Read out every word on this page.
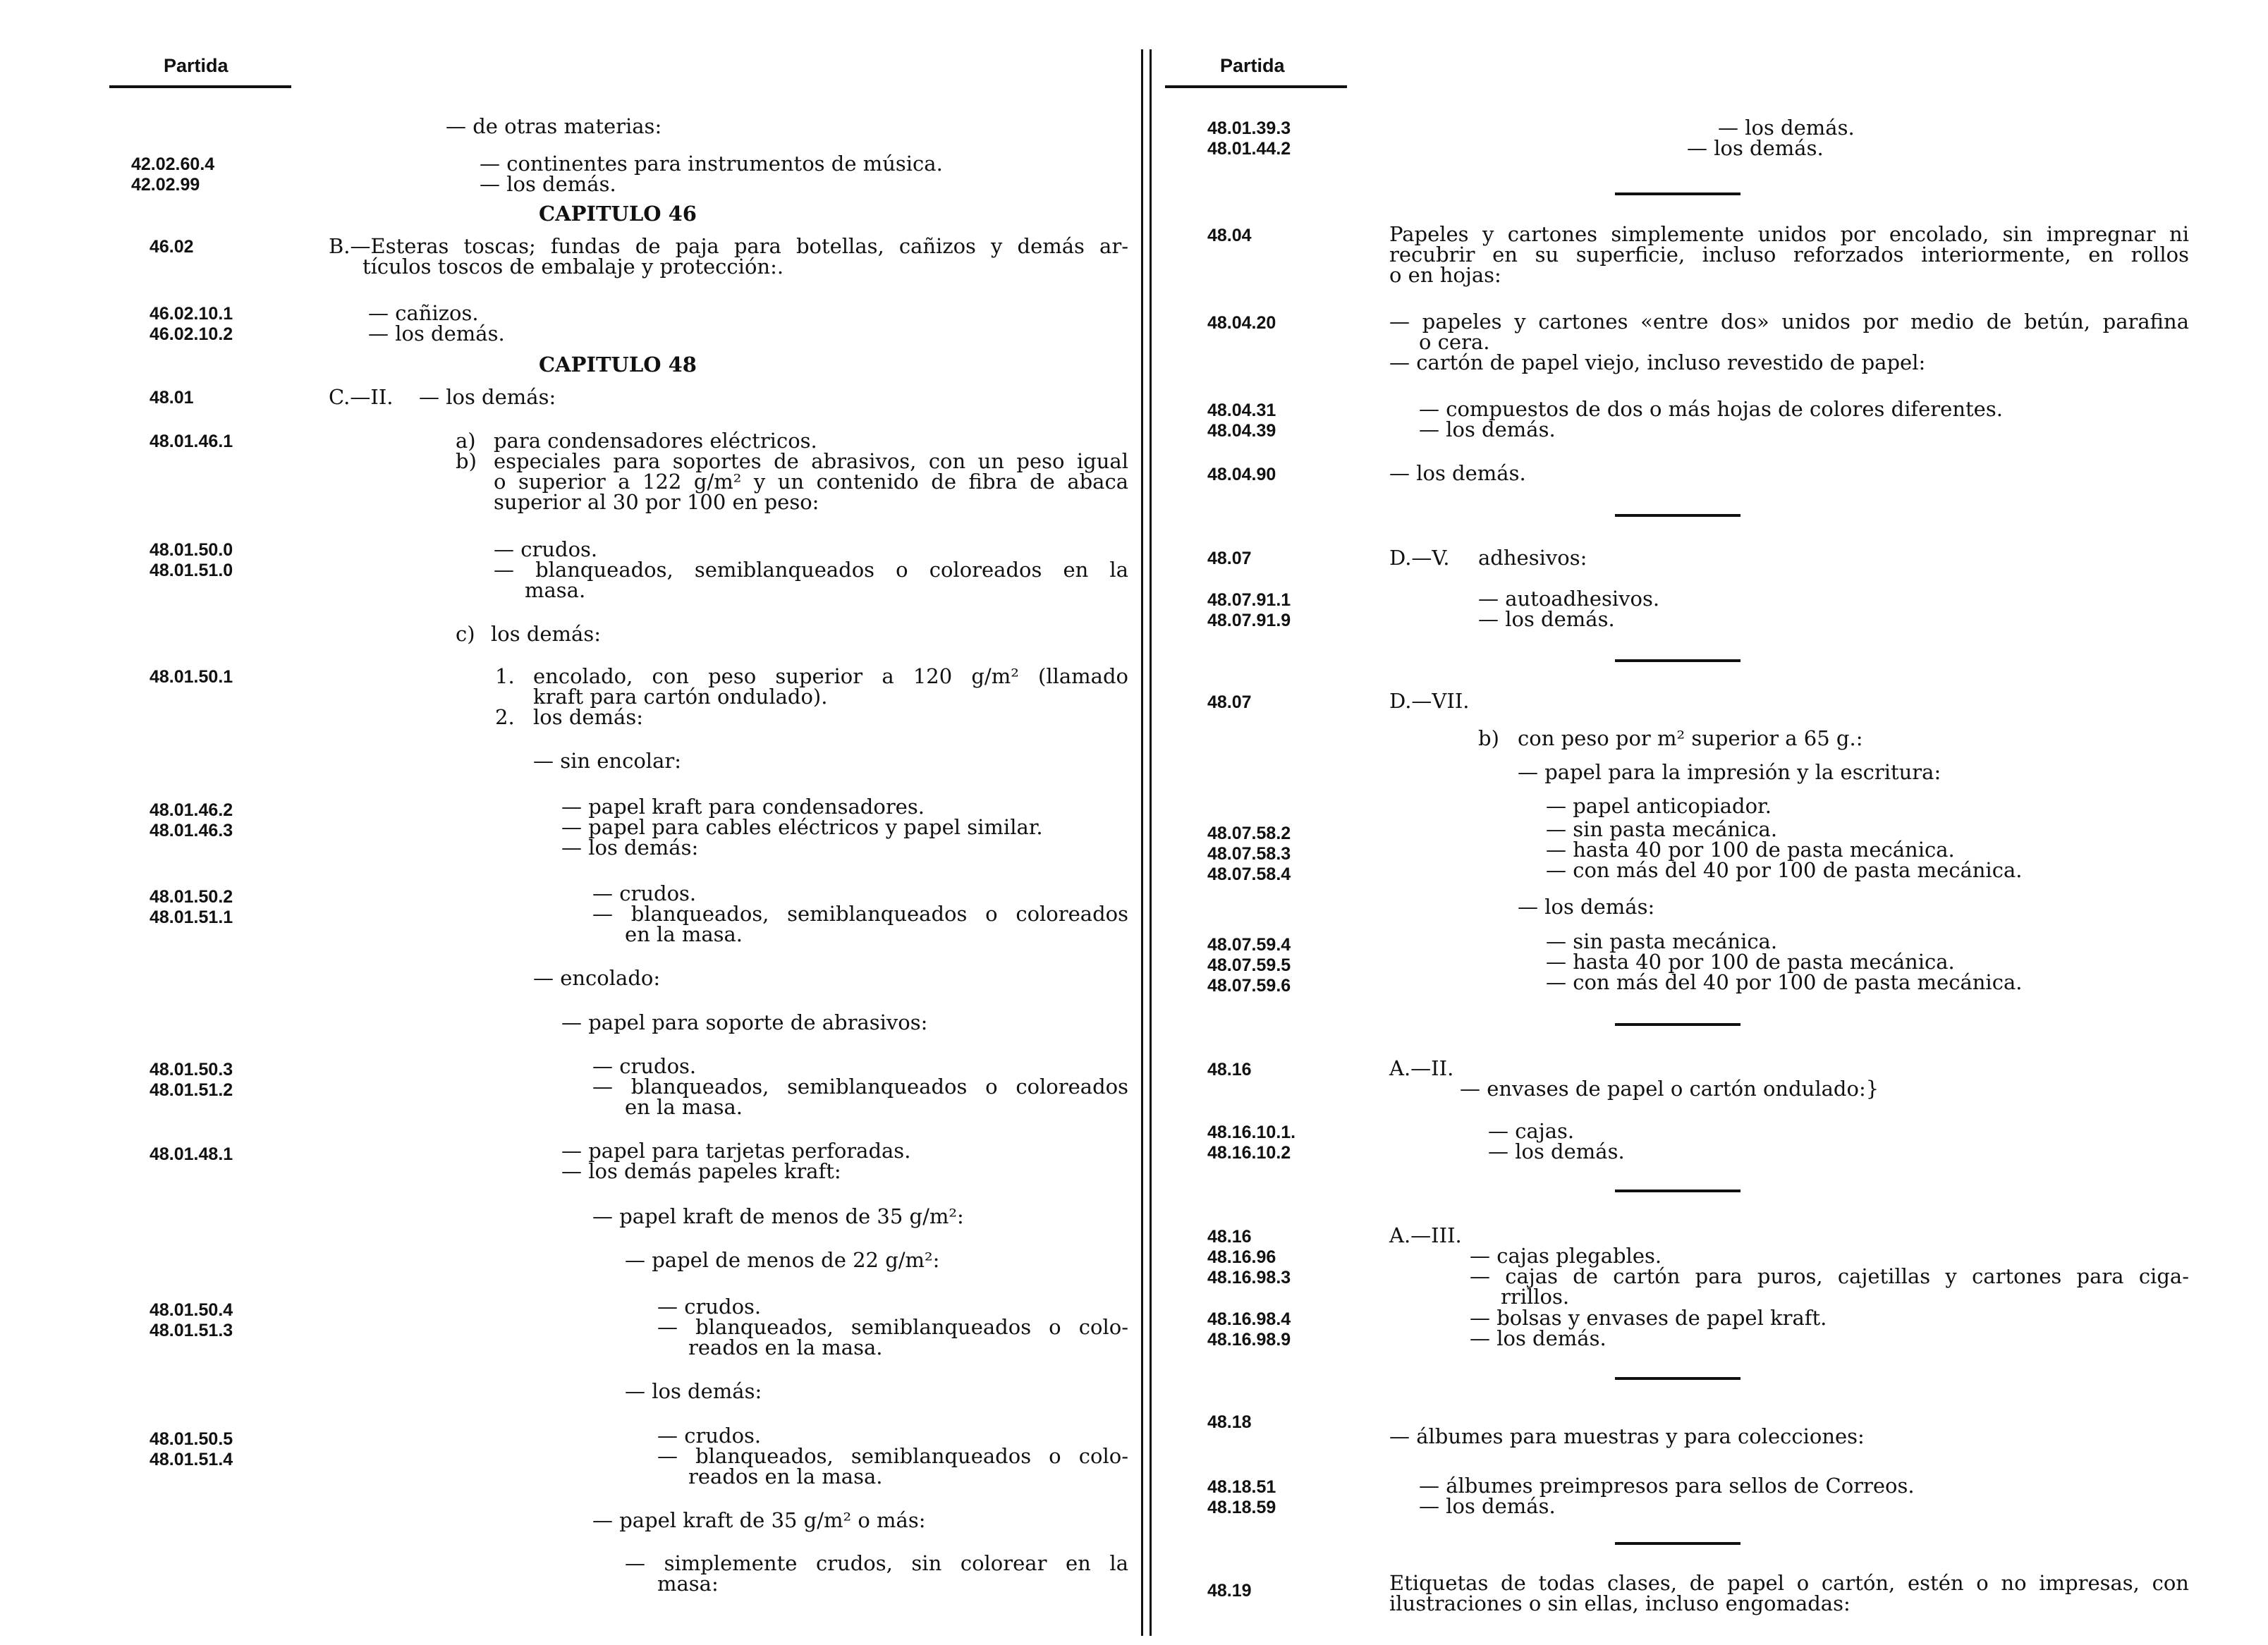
Partida
42.02.60.4
42.02.99
46.02
46.02.10.1
46.02.10.2
48.01
48.01.46.1
48.01.50.0
48.01.51.0
48.01.50.1
48.01.46.2
48.01.46.3
48.01.50.2
48.01.51.1
48.01.50.3
48.01.51.2
48.01.48.1
48.01.50.4
48.01.51.3
48.01.50.5
48.01.51.4
— de otras materias:
— continentes para instrumentos de música.
— los demás.
CAPITULO 46
B.—Esteras toscas; fundas de paja para botellas, cañizos y demás ar-
tículos toscos de embalaje y protección:.
— cañizos.
— los demás.
CAPITULO 48
C.—II. — los demás:
a) para condensadores eléctricos.
b) especiales para soportes de abrasivos, con un peso igual
o superior a 122 g/m² y un contenido de fibra de abaca
superior al 30 por 100 en peso:
— crudos.
— blanqueados, semiblanqueados o coloreados en la
masa.
c) los demás:
1. encolado, con peso superior a 120 g/m² (llamado
kraft para cartón ondulado).
2. los demás:
— sin encolar:
— papel kraft para condensadores.
— papel para cables eléctricos y papel similar.
— los demás:
— crudos.
— blanqueados, semiblanqueados o coloreados
en la masa.
— encolado:
— papel para soporte de abrasivos:
— crudos.
— blanqueados, semiblanqueados o coloreados
en la masa.
— papel para tarjetas perforadas.
— los demás papeles kraft:
— papel kraft de menos de 35 g/m²:
— papel de menos de 22 g/m²:
— crudos.
— blanqueados, semiblanqueados o colo-
reados en la masa.
— los demás:
— crudos.
— blanqueados, semiblanqueados o colo-
reados en la masa.
— papel kraft de 35 g/m² o más:
— simplemente crudos, sin colorear en la
masa:
Partida
48.01.39.3
48.01.44.2
48.04
48.04.20
48.04.31
48.04.39
48.04.90
48.07
48.07.91.1
48.07.91.9
48.07
48.07.58.2
48.07.58.3
48.07.58.4
48.07.59.4
48.07.59.5
48.07.59.6
48.16
48.16.10.1.
48.16.10.2
48.16
48.16.96
48.16.98.3
48.16.98.4
48.16.98.9
48.18
48.18.51
48.18.59
48.19
— los demás.
— los demás.
Papeles y cartones simplemente unidos por encolado, sin impregnar ni
recubrir en su superficie, incluso reforzados interiormente, en rollos
o en hojas:
— papeles y cartones «entre dos» unidos por medio de betún, parafina
o cera.
— cartón de papel viejo, incluso revestido de papel:
— compuestos de dos o más hojas de colores diferentes.
— los demás.
— los demás.
D.—V. adhesivos:
— autoadhesivos.
— los demás.
D.—VII.
b) con peso por m² superior a 65 g.:
— papel para la impresión y la escritura:
— papel anticopiador.
— sin pasta mecánica.
— hasta 40 por 100 de pasta mecánica.
— con más del 40 por 100 de pasta mecánica.
— los demás:
— sin pasta mecánica.
— hasta 40 por 100 de pasta mecánica.
— con más del 40 por 100 de pasta mecánica.
A.—II.
— envases de papel o cartón ondulado:}
— cajas.
— los demás.
A.—III.
— cajas plegables.
— cajas de cartón para puros, cajetillas y cartones para ciga-
rrillos.
— bolsas y envases de papel kraft.
— los demás.
— álbumes para muestras y para colecciones:
— álbumes preimpresos para sellos de Correos.
— los demás.
Etiquetas de todas clases, de papel o cartón, estén o no impresas, con
ilustraciones o sin ellas, incluso engomadas:
